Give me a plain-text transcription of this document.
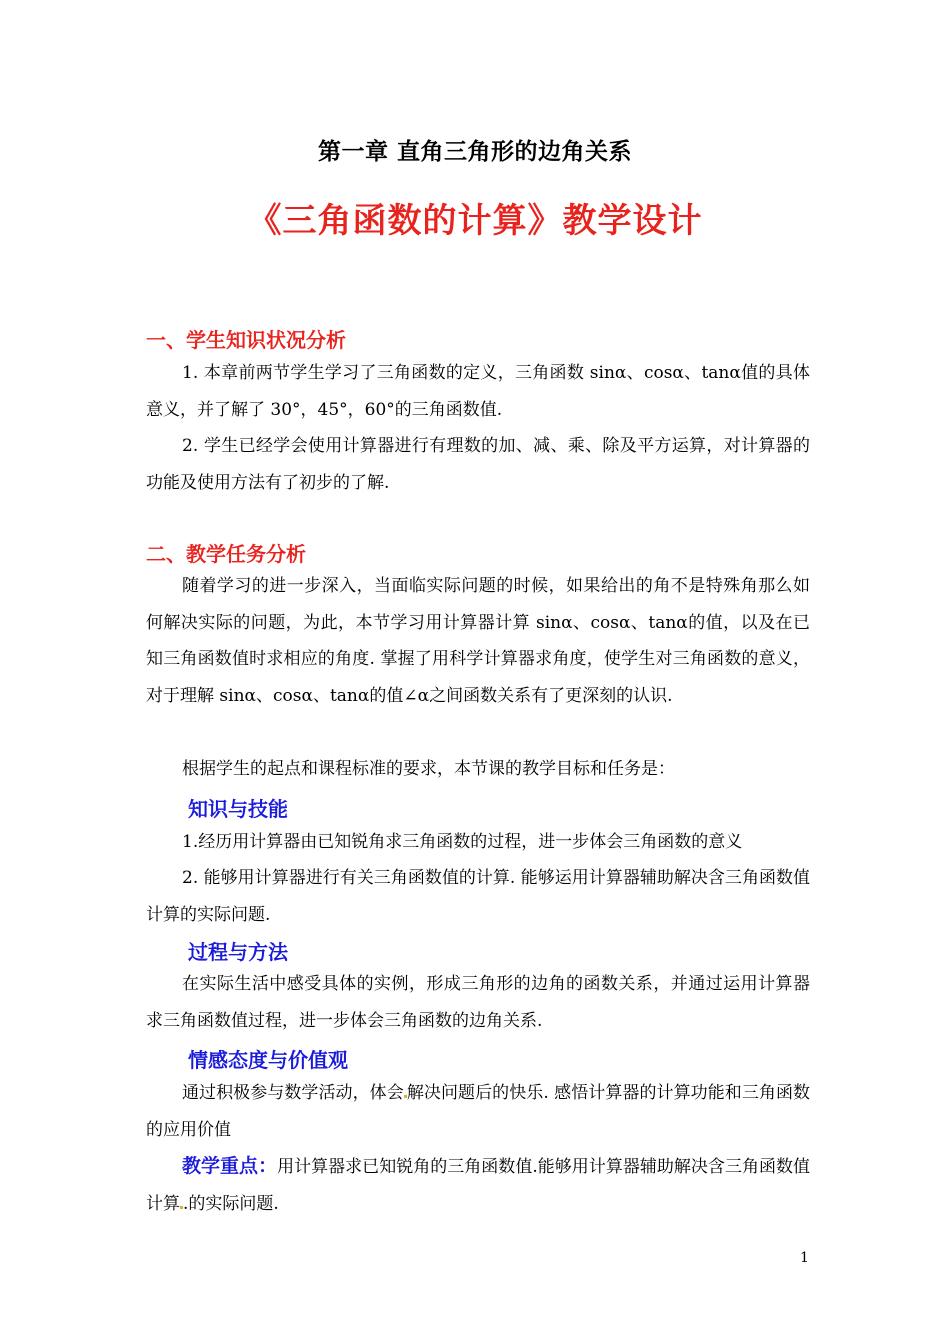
第一章 直角三角形的边角关系
《三角函数的计算》教学设计
一、学生知识状况分析

1. 本章前两节学生学习了三角函数的定义，三角函数 sinα、cosα、tanα值的具体意义，并了解了 30°，45°，60°的三角函数值.

2. 学生已经学会使用计算器进行有理数的加、减、乘、除及平方运算，对计算器的功能及使用方法有了初步的了解.

二、教学任务分析

随着学习的进一步深入，当面临实际问题的时候，如果给出的角不是特殊角那么如何解决实际的问题，为此，本节学习用计算器计算 sinα、cosα、tanα的值，以及在已知三角函数值时求相应的角度. 掌握了用科学计算器求角度，使学生对三角函数的意义，对于理解 sinα、cosα、tanα的值∠α之间函数关系有了更深刻的认识.

根据学生的起点和课程标准的要求，本节课的教学目标和任务是：

知识与技能

1.经历用计算器由已知锐角求三角函数的过程，进一步体会三角函数的意义

2. 能够用计算器进行有关三角函数值的计算. 能够运用计算器辅助解决含三角函数值计算的实际问题.

过程与方法

在实际生活中感受具体的实例，形成三角形的边角的函数关系，并通过运用计算器求三角函数值过程，进一步体会三角函数的边角关系.

情感态度与价值观

通过积极参与数学活动，体会 解决问题后的快乐. 感悟计算器的计算功能和三角函数的应用价值

教学重点：用计算器求已知锐角的三角函数值.能够用计算器辅助解决含三角函数值计算 .的实际问题.

1
